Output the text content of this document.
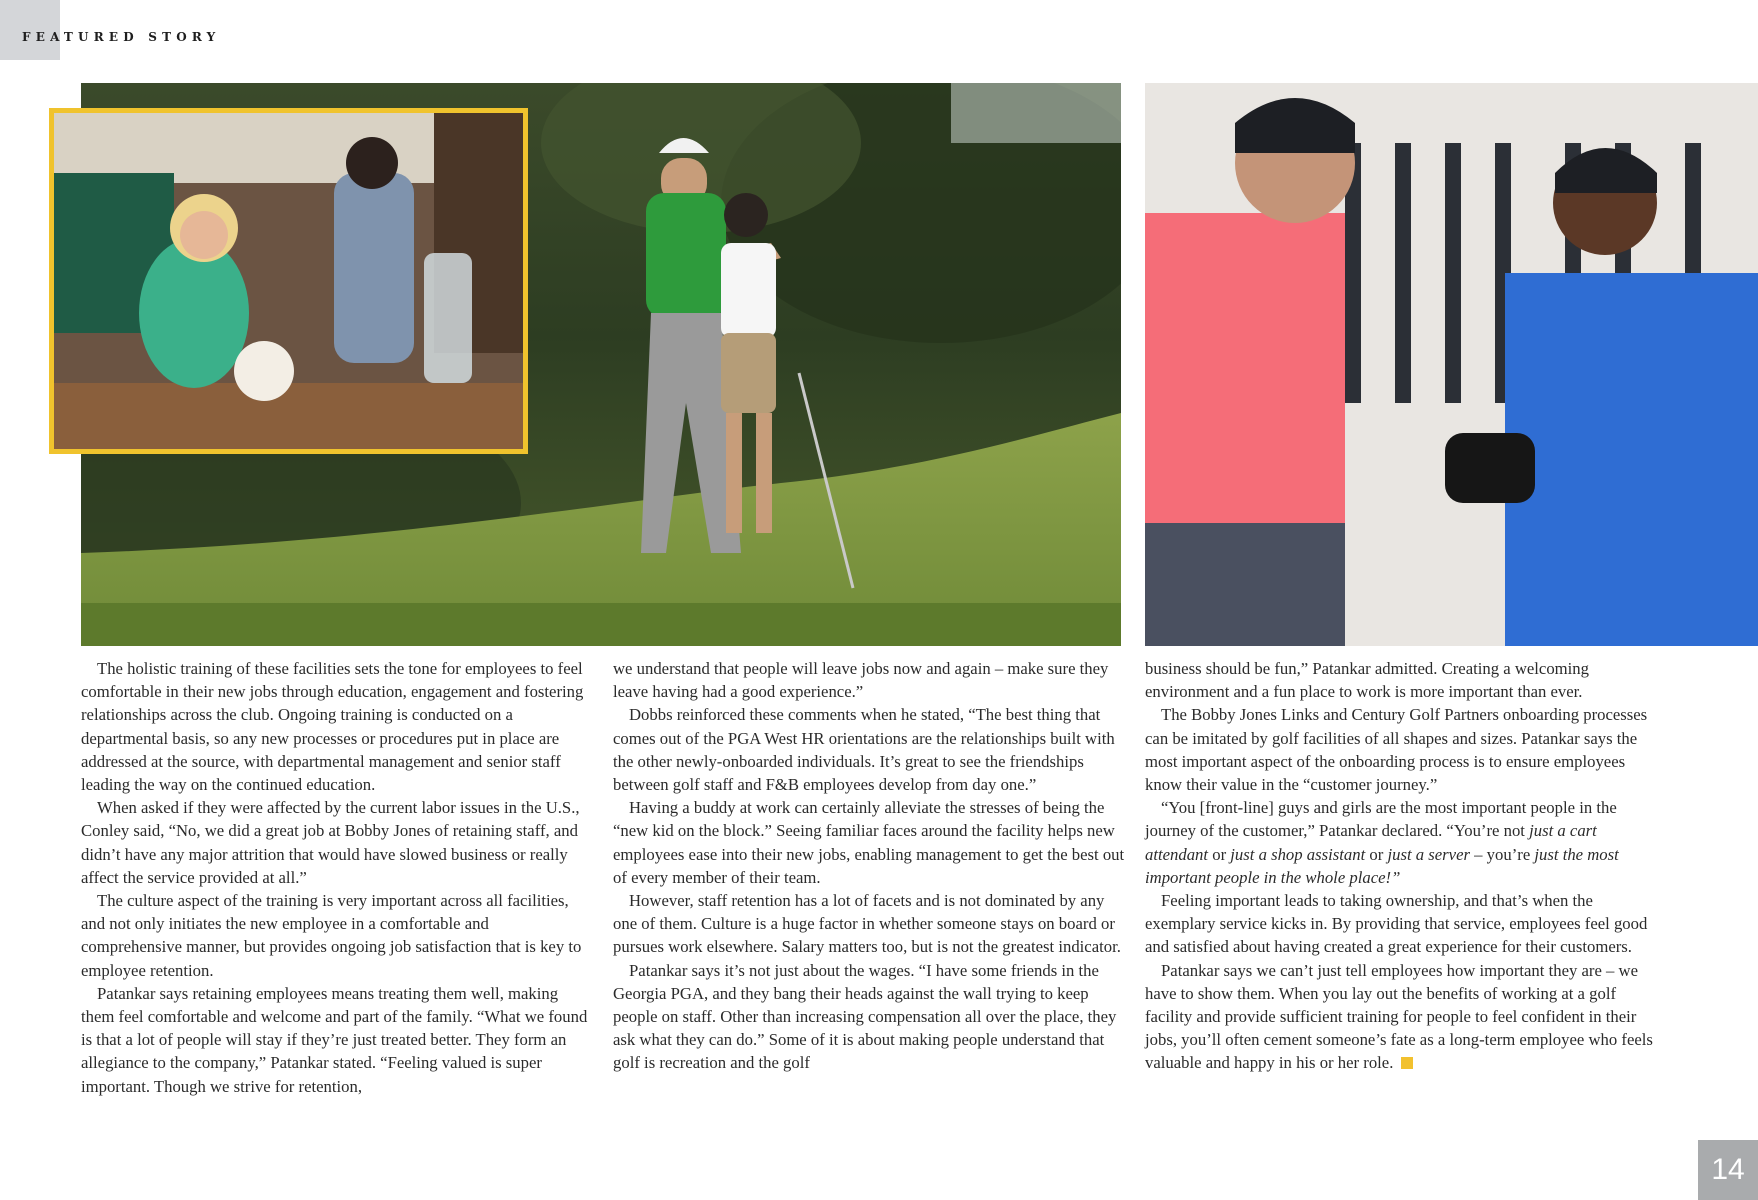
FEATURED STORY

The holistic training of these facilities sets the tone for employees to feel comfortable in their new jobs through education, engagement and fostering relationships across the club. Ongoing training is conducted on a departmental basis, so any new processes or procedures put in place are addressed at the source, with departmental management and senior staff leading the way on the continued education.

When asked if they were affected by the current labor issues in the U.S., Conley said, “No, we did a great job at Bobby Jones of retaining staff, and didn’t have any major attrition that would have slowed business or really affect the service provided at all.”

The culture aspect of the training is very important across all facilities, and not only initiates the new employee in a comfortable and comprehensive manner, but provides ongoing job satisfaction that is key to employee retention.

Patankar says retaining employees means treating them well, making them feel comfortable and welcome and part of the family. “What we found is that a lot of people will stay if they’re just treated better. They form an allegiance to the company,” Patankar stated. “Feeling valued is super important. Though we strive for retention,

we understand that people will leave jobs now and again – make sure they leave having had a good experience.”

Dobbs reinforced these comments when he stated, “The best thing that comes out of the PGA West HR orientations are the relationships built with the other newly-onboarded individuals. It’s great to see the friendships between golf staff and F&B employees develop from day one.”

Having a buddy at work can certainly alleviate the stresses of being the “new kid on the block.” Seeing familiar faces around the facility helps new employees ease into their new jobs, enabling management to get the best out of every member of their team.

However, staff retention has a lot of facets and is not dominated by any one of them. Culture is a huge factor in whether someone stays on board or pursues work elsewhere. Salary matters too, but is not the greatest indicator.

Patankar says it’s not just about the wages. “I have some friends in the Georgia PGA, and they bang their heads against the wall trying to keep people on staff. Other than increasing compensation all over the place, they ask what they can do.” Some of it is about making people understand that golf is recreation and the golf

business should be fun,” Patankar admitted. Creating a welcoming environment and a fun place to work is more important than ever.

The Bobby Jones Links and Century Golf Partners onboarding processes can be imitated by golf facilities of all shapes and sizes. Patankar says the most important aspect of the onboarding process is to ensure employees know their value in the “customer journey.”

“You [front-line] guys and girls are the most important people in the journey of the customer,” Patankar declared. “You’re not just a cart attendant or just a shop assistant or just a server – you’re just the most important people in the whole place!”

Feeling important leads to taking ownership, and that’s when the exemplary service kicks in. By providing that service, employees feel good and satisfied about having created a great experience for their customers.

Patankar says we can’t just tell employees how important they are – we have to show them. When you lay out the benefits of working at a golf facility and provide sufficient training for people to feel confident in their jobs, you’ll often cement someone’s fate as a long-term employee who feels valuable and happy in his or her role.

14
